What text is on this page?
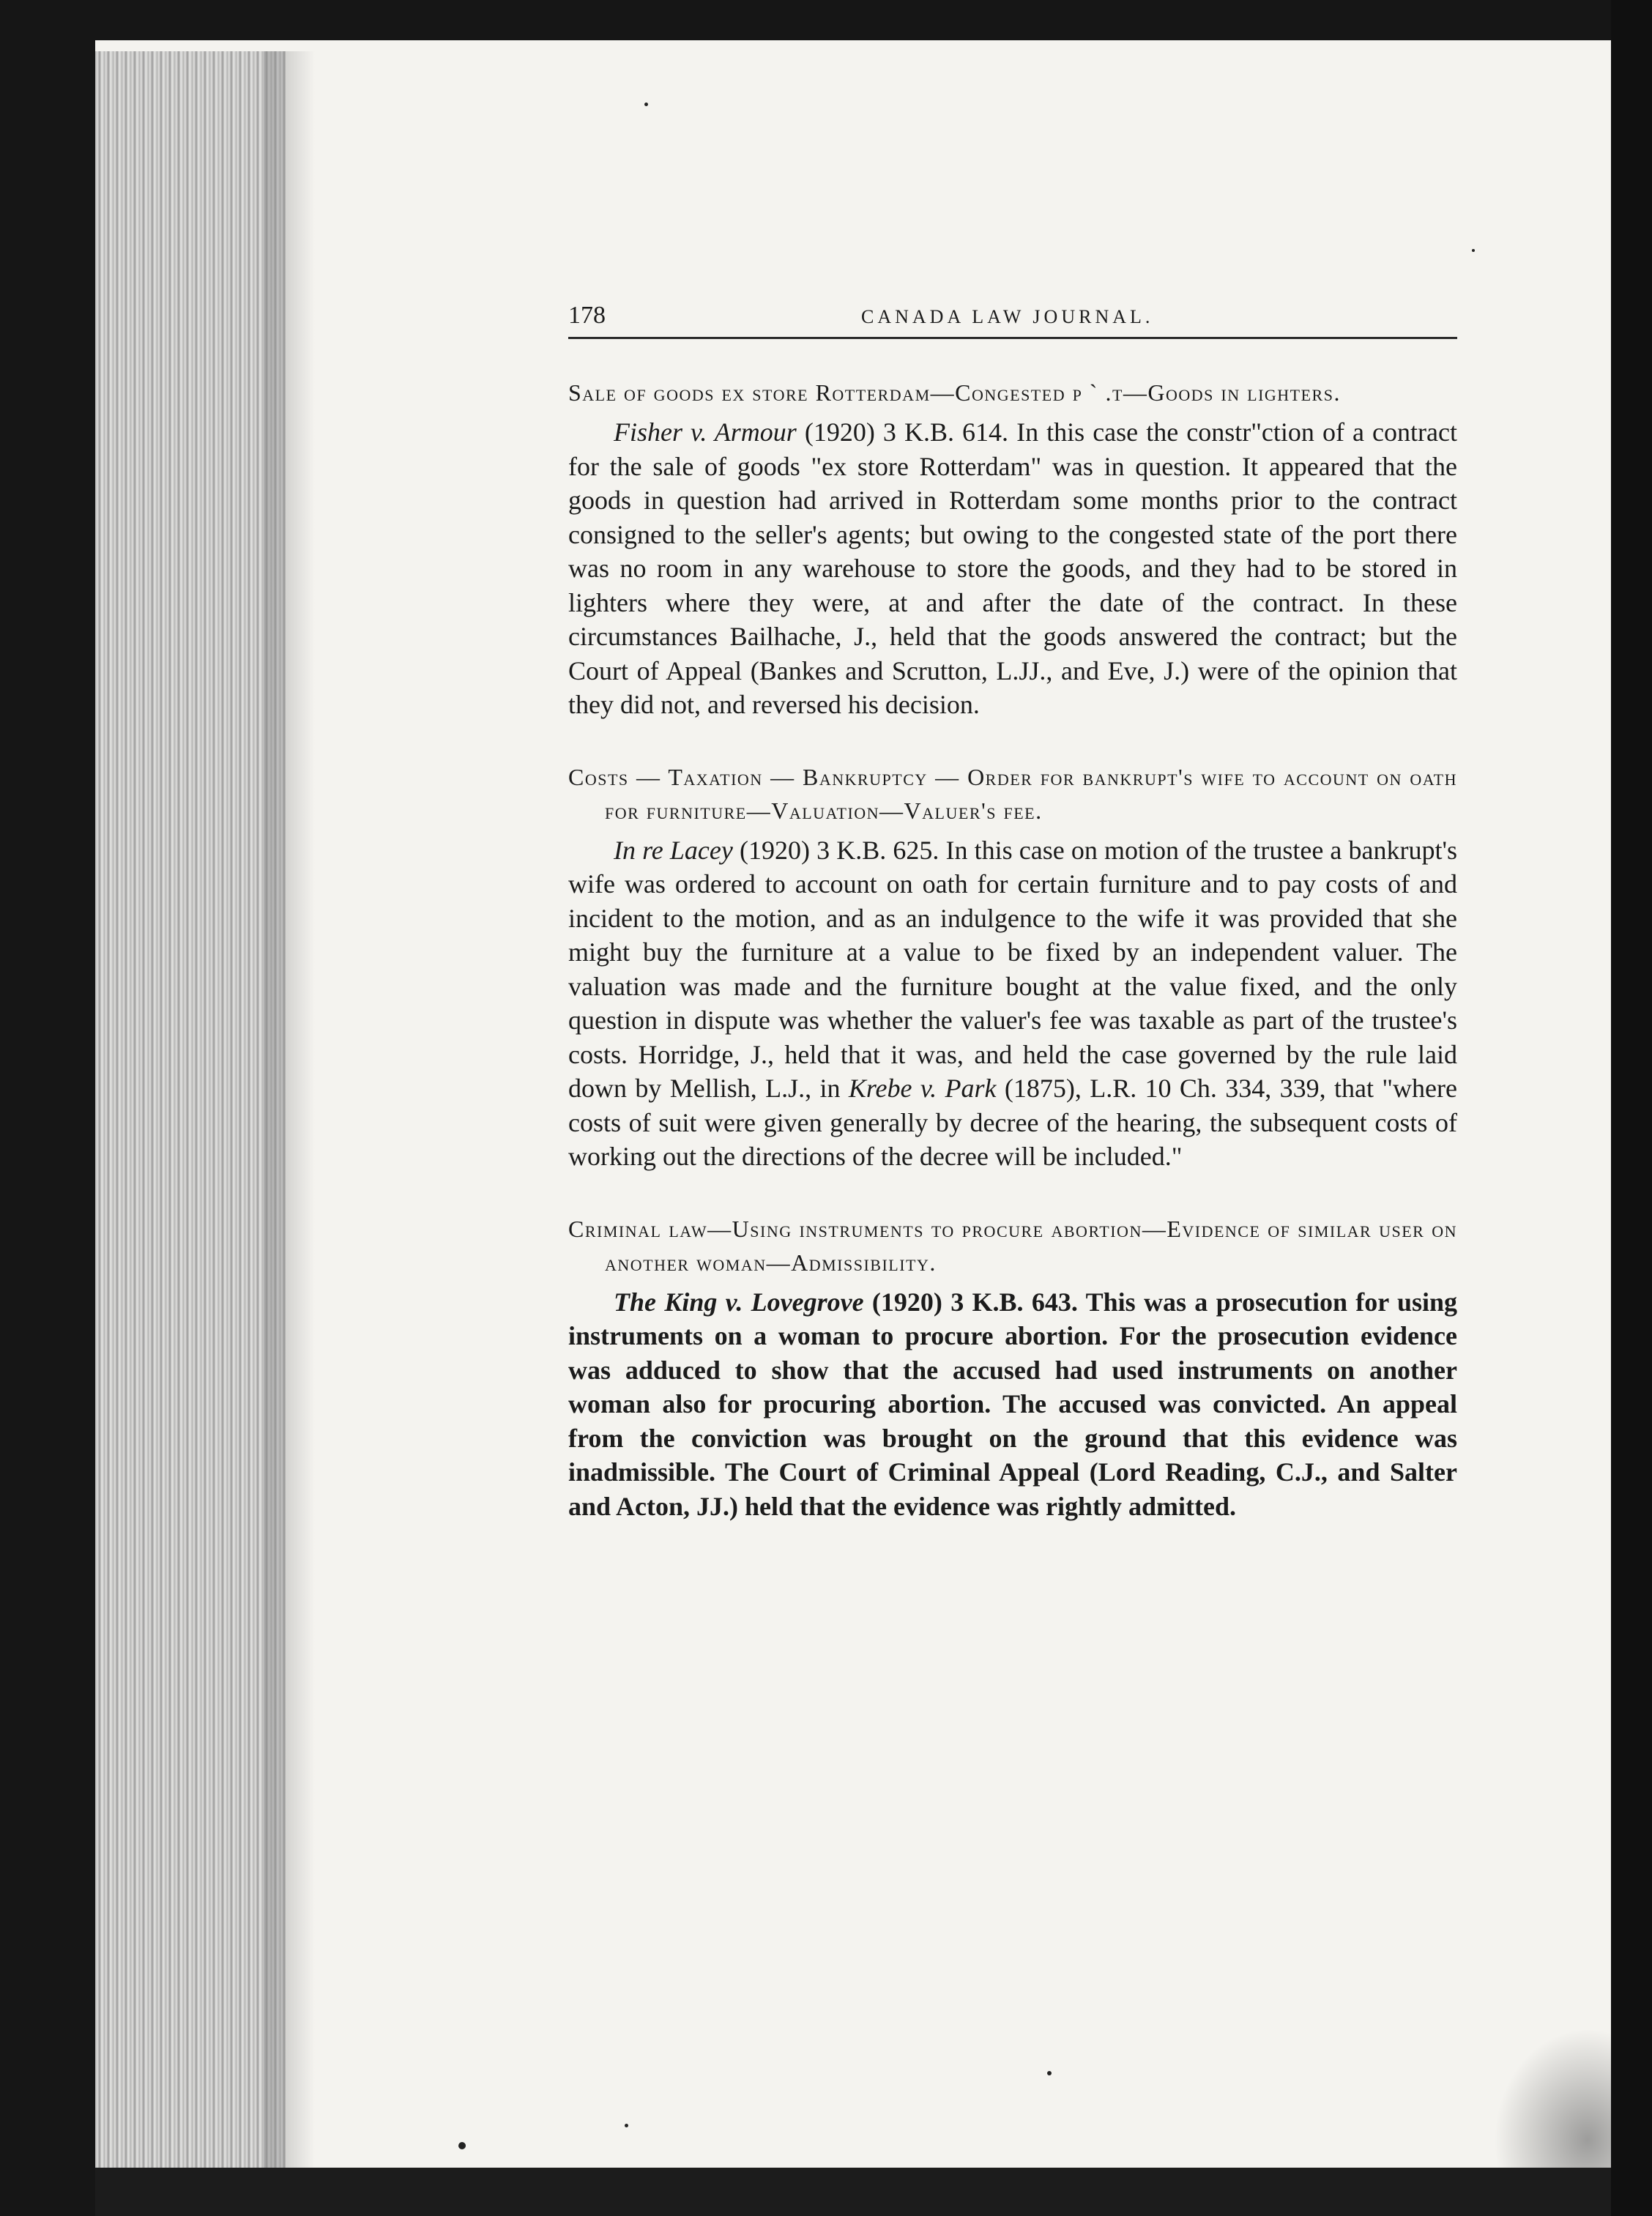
178	CANADA LAW JOURNAL.
Sale of goods ex store Rotterdam—Congested p ` .t—Goods in lighters.

Fisher v. Armour (1920) 3 K.B. 614. In this case the constr"ction of a contract for the sale of goods "ex store Rotterdam" was in question. It appeared that the goods in question had arrived in Rotterdam some months prior to the contract consigned to the seller's agents; but owing to the congested state of the port there was no room in any warehouse to store the goods, and they had to be stored in lighters where they were, at and after the date of the contract. In these circumstances Bailhache, J., held that the goods answered the contract; but the Court of Appeal (Bankes and Scrutton, L.JJ., and Eve, J.) were of the opinion that they did not, and reversed his decision.

Costs — Taxation — Bankruptcy — Order for bankrupt's wife to account on oath for furniture—Valuation—Valuer's fee.

In re Lacey (1920) 3 K.B. 625. In this case on motion of the trustee a bankrupt's wife was ordered to account on oath for certain furniture and to pay costs of and incident to the motion, and as an indulgence to the wife it was provided that she might buy the furniture at a value to be fixed by an independent valuer. The valuation was made and the furniture bought at the value fixed, and the only question in dispute was whether the valuer's fee was taxable as part of the trustee's costs. Horridge, J., held that it was, and held the case governed by the rule laid down by Mellish, L.J., in Krebe v. Park (1875), L.R. 10 Ch. 334, 339, that "where costs of suit were given generally by decree of the hearing, the subsequent costs of working out the directions of the decree will be included."

Criminal law—Using instruments to procure abortion—Evidence of similar user on another woman—Admissibility.

The King v. Lovegrove (1920) 3 K.B. 643. This was a prosecution for using instruments on a woman to procure abortion. For the prosecution evidence was adduced to show that the accused had used instruments on another woman also for procuring abortion. The accused was convicted. An appeal from the conviction was brought on the ground that this evidence was inadmissible. The Court of Criminal Appeal (Lord Reading, C.J., and Salter and Acton, JJ.) held that the evidence was rightly admitted.
